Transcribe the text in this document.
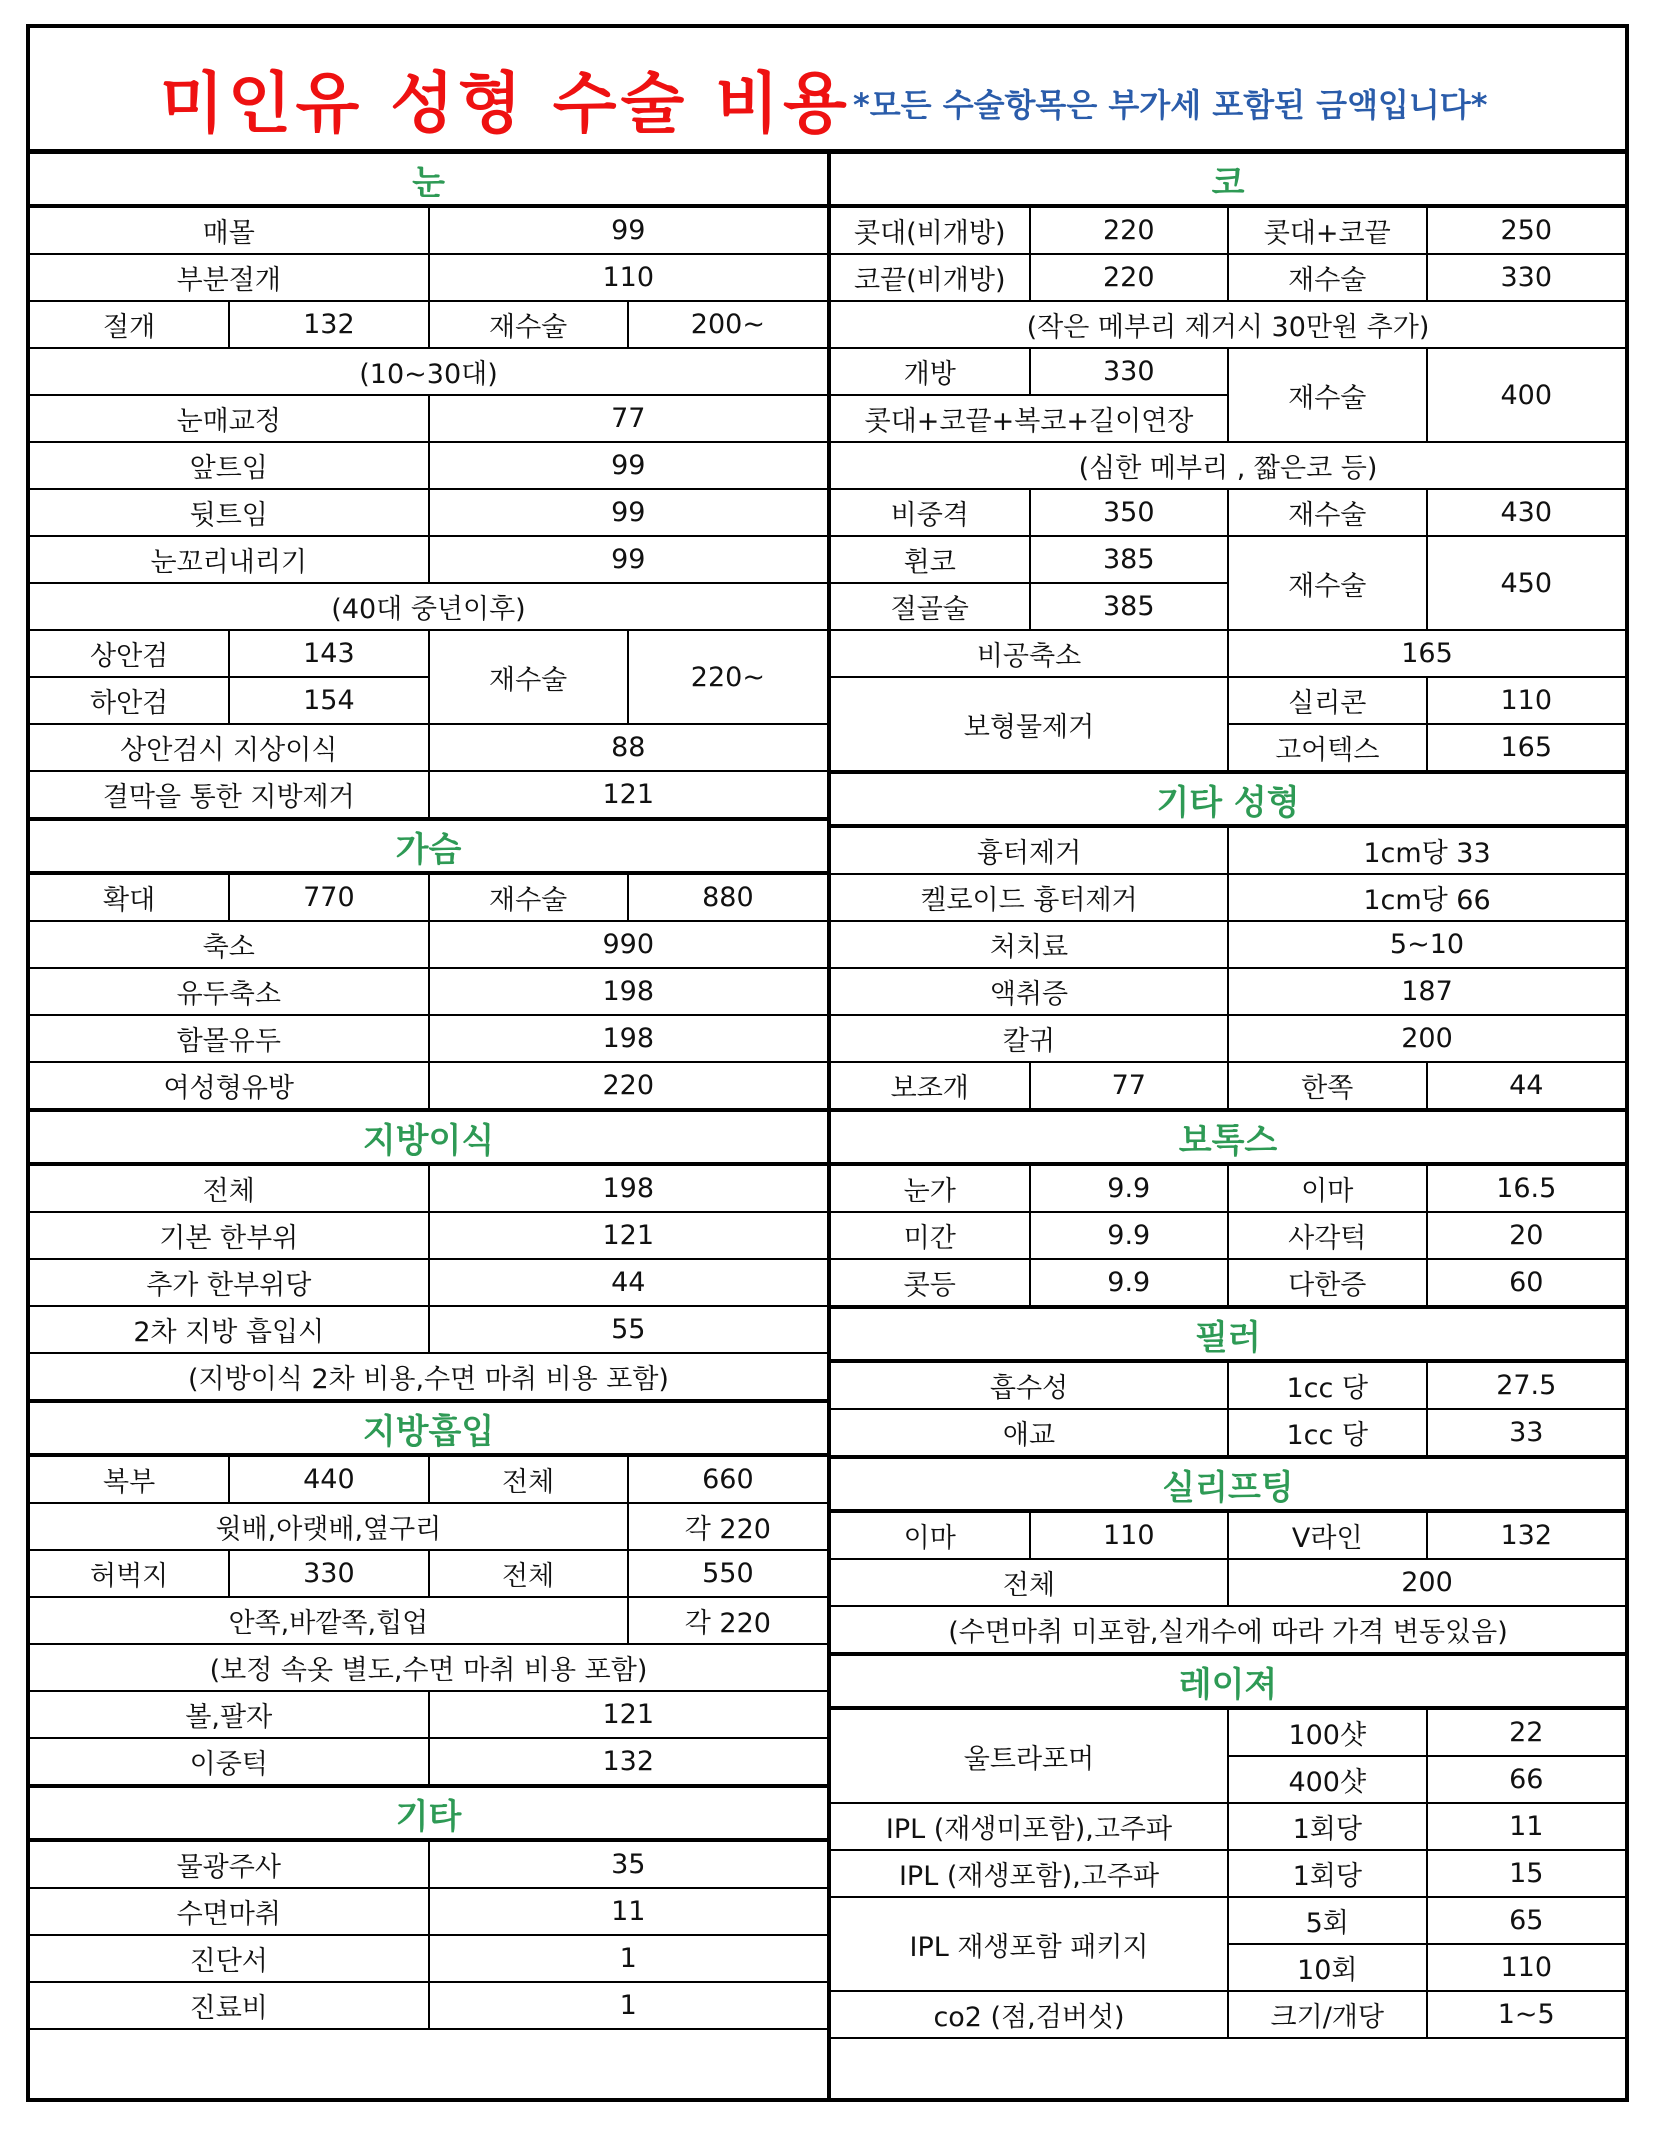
미인유 성형 수술 비용 *모든 수술항목은 부가세 포함된 금액입니다*
눈			
매몰		99	
부분절개		110	
절개	132	재수술	200~
(10~30대)			
눈매교정		77	
앞트임		99	
뒷트임		99	
눈꼬리내리기		99	
(40대 중년이후)			
상안검	143	재수술	220~
하안검	154		
상안검시 지상이식		88	
결막을 통한 지방제거		121	
가슴			
확대	770	재수술	880
축소		990	
유두축소		198	
함몰유두		198	
여성형유방		220	
지방이식			
전체		198	
기본 한부위		121	
추가 한부위당		44	
2차 지방 흡입시		55	
(지방이식 2차 비용,수면 마취 비용 포함)			
지방흡입			
복부	440	전체	660
윗배,아랫배,옆구리			각 220
허벅지	330	전체	550
안쪽,바깥쪽,힙업			각 220
(보정 속옷 별도,수면 마취 비용 포함)			
볼,팔자		121	
이중턱		132	
기타			
물광주사		35	
수면마취		11	
진단서		1	
진료비		1	
코			
콧대(비개방)	220	콧대+코끝	250
코끝(비개방)	220	재수술	330
(작은 메부리 제거시 30만원 추가)			
개방	330	재수술	400
콧대+코끝+복코+길이연장			
(심한 메부리 , 짧은코 등)			
비중격	350	재수술	430
휜코	385	재수술	450
절골술	385		
비공축소		165	
보형물제거		실리콘	110
		고어텍스	165
기타 성형			
흉터제거		1cm당 33	
켈로이드 흉터제거		1cm당 66	
처치료		5~10	
액취증		187	
칼귀		200	
보조개	77	한쪽	44
보톡스			
눈가	9.9	이마	16.5
미간	9.9	사각턱	20
콧등	9.9	다한증	60
필러			
흡수성		1cc 당	27.5
애교		1cc 당	33
실리프팅			
이마	110	V라인	132
전체		200	
(수면마취 미포함,실개수에 따라 가격 변동있음)			
레이져			
울트라포머		100샷	22
		400샷	66
IPL (재생미포함),고주파		1회당	11
IPL (재생포함),고주파		1회당	15
IPL 재생포함 패키지		5회	65
		10회	110
co2 (점,검버섯)		크기/개당	1~5
